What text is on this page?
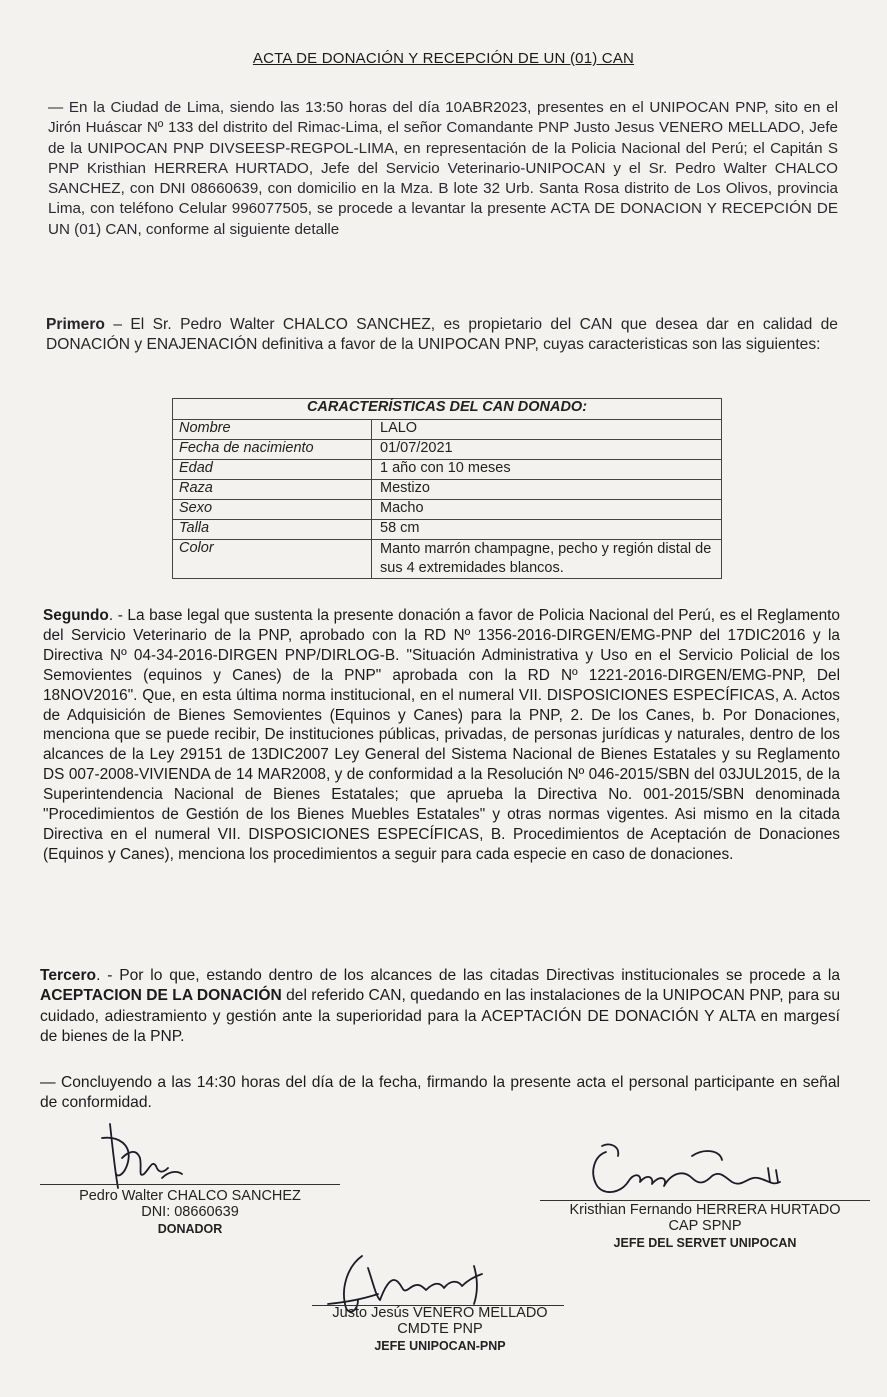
ACTA DE DONACIÓN Y RECEPCIÓN DE UN (01) CAN

— En la Ciudad de Lima, siendo las 13:50 horas del día 10ABR2023, presentes en el UNIPOCAN PNP, sito en el Jirón Huáscar Nº 133 del distrito del Rimac-Lima, el señor Comandante PNP Justo Jesus VENERO MELLADO, Jefe de la UNIPOCAN PNP DIVSEESP-REGPOL-LIMA, en representación de la Policia Nacional del Perú; el Capitán S PNP Kristhian HERRERA HURTADO, Jefe del Servicio Veterinario-UNIPOCAN y el Sr. Pedro Walter CHALCO SANCHEZ, con DNI 08660639, con domicilio en la Mza. B lote 32 Urb. Santa Rosa distrito de Los Olivos, provincia Lima, con teléfono Celular 996077505, se procede a levantar la presente ACTA DE DONACION Y RECEPCIÓN DE UN (01) CAN, conforme al siguiente detalle

Primero – El Sr. Pedro Walter CHALCO SANCHEZ, es propietario del CAN que desea dar en calidad de DONACIÓN y ENAJENACIÓN definitiva a favor de la UNIPOCAN PNP, cuyas caracteristicas son las siguientes:

CARACTERÍSTICAS DEL CAN DONADO:	
Nombre	LALO
Fecha de nacimiento	01/07/2021
Edad	1 año con 10 meses
Raza	Mestizo
Sexo	Macho
Talla	58 cm
Color	Manto marrón champagne, pecho y región distal de sus 4 extremidades blancos.

Segundo. - La base legal que sustenta la presente donación a favor de Policia Nacional del Perú, es el Reglamento del Servicio Veterinario de la PNP, aprobado con la RD Nº 1356-2016-DIRGEN/EMG-PNP del 17DIC2016 y la Directiva Nº 04-34-2016-DIRGEN PNP/DIRLOG-B. "Situación Administrativa y Uso en el Servicio Policial de los Semovientes (equinos y Canes) de la PNP" aprobada con la RD Nº 1221-2016-DIRGEN/EMG-PNP, Del 18NOV2016". Que, en esta última norma institucional, en el numeral VII. DISPOSICIONES ESPECÍFICAS, A. Actos de Adquisición de Bienes Semovientes (Equinos y Canes) para la PNP, 2. De los Canes, b. Por Donaciones, menciona que se puede recibir, De instituciones públicas, privadas, de personas jurídicas y naturales, dentro de los alcances de la Ley 29151 de 13DIC2007 Ley General del Sistema Nacional de Bienes Estatales y su Reglamento DS 007-2008-VIVIENDA de 14 MAR2008, y de conformidad a la Resolución Nº 046-2015/SBN del 03JUL2015, de la Superintendencia Nacional de Bienes Estatales; que aprueba la Directiva No. 001-2015/SBN denominada "Procedimientos de Gestión de los Bienes Muebles Estatales" y otras normas vigentes. Asi mismo en la citada Directiva en el numeral VII. DISPOSICIONES ESPECÍFICAS, B. Procedimientos de Aceptación de Donaciones (Equinos y Canes), menciona los procedimientos a seguir para cada especie en caso de donaciones.

Tercero. - Por lo que, estando dentro de los alcances de las citadas Directivas institucionales se procede a la ACEPTACION DE LA DONACIÓN del referido CAN, quedando en las instalaciones de la UNIPOCAN PNP, para su cuidado, adiestramiento y gestión ante la superioridad para la ACEPTACIÓN DE DONACIÓN Y ALTA en margesí de bienes de la PNP.

— Concluyendo a las 14:30 horas del día de la fecha, firmando la presente acta el personal participante en señal de conformidad.

Pedro Walter CHALCO SANCHEZ
DNI: 08660639
DONADOR
Kristhian Fernando HERRERA HURTADO
CAP SPNP
JEFE DEL SERVET UNIPOCAN
Justo Jesús VENERO MELLADO
CMDTE PNP
JEFE UNIPOCAN-PNP
